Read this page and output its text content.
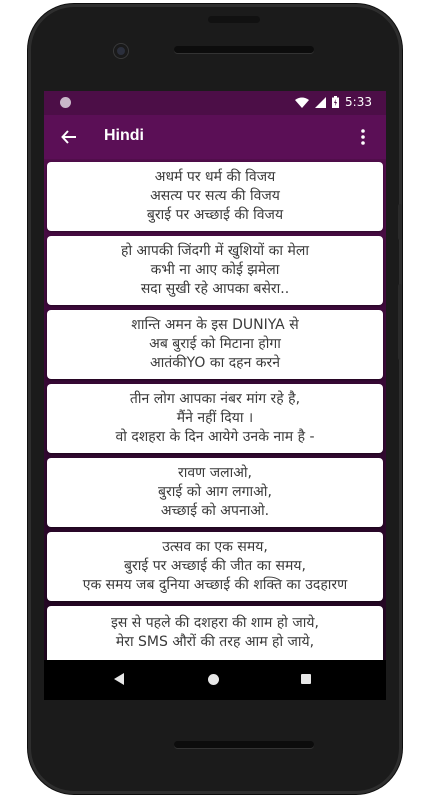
5:33
Hindi
अधर्म पर धर्म की विजय
असत्य पर सत्य की विजय
बुराई पर अच्छाई की विजय
हो आपकी जिंदगी में खुशियों का मेला
कभी ना आए कोई झमेला
सदा सुखी रहे आपका बसेरा..
शान्ति अमन के इस DUNIYA से
अब बुराई को मिटाना होगा
आतंकीYO का दहन करने
तीन लोग आपका नंबर मांग रहे है,
मैंने नहीं दिया ।
वो दशहरा के दिन आयेगे उनके नाम है -
रावण जलाओ,
बुराई को आग लगाओ,
अच्छाई को अपनाओ.
उत्सव का एक समय,
बुराई पर अच्छाई की जीत का समय,
एक समय जब दुनिया अच्छाई की शक्ति का उदहारण
इस से पहले की दशहरा की शाम हो जाये,
मेरा SMS औरों की तरह आम हो जाये,
